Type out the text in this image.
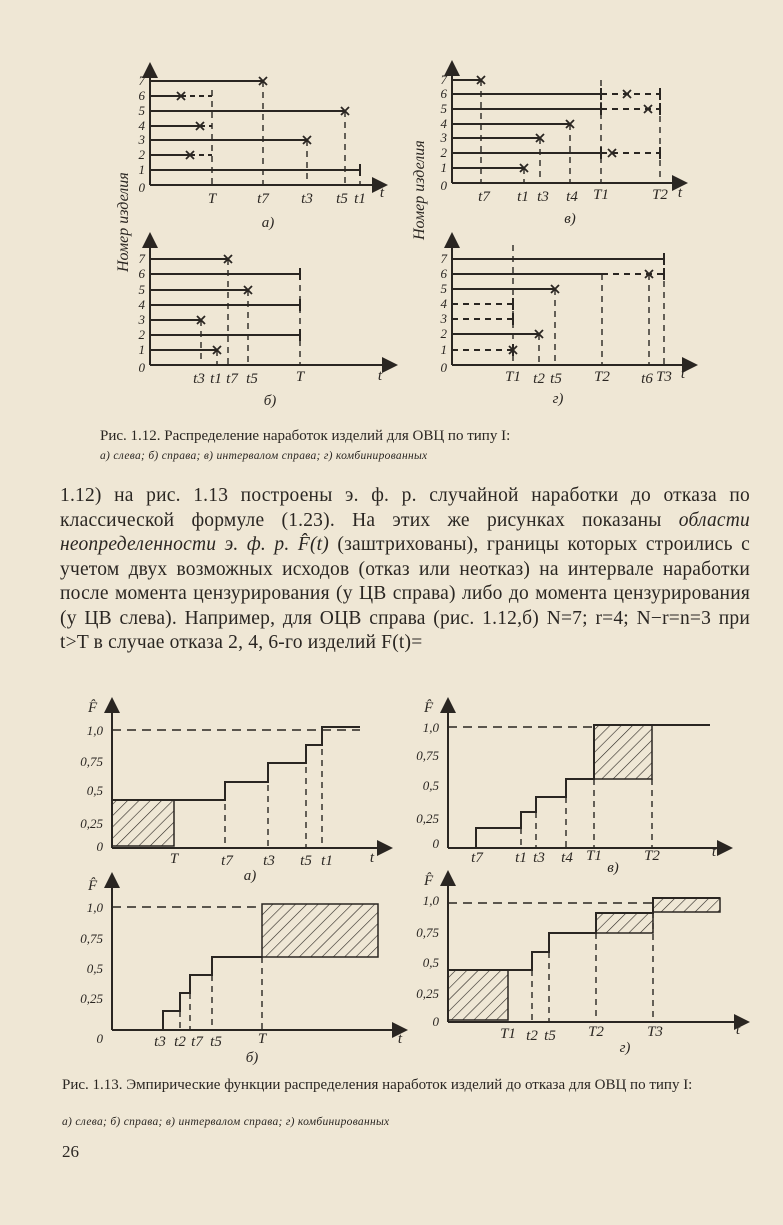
Номер изделия	Номер изделия
1
2
3
4
5
6
7
0
1
2
3
4
5
6
7
0
1
2
3
4
5
6
7
0
1
2
3
4
5
6
7
0
T	t7 t3 t5 t1 t
а)
t3 t1 t7 t5	T	t
б)
t7 t1 t3 t4 T1	T2 t
в)
T1 t2 t5 T2 t6 T3 t
г)
Рис. 1.12. Распределение наработок изделий для ОВЦ по типу I:
а) слева; б) справа; в) интервалом справа; г) комбинированных

1.12) на рис. 1.13 построены э. ф. р. случайной наработки до отказа по классической формуле (1.23). На этих же рисунках показаны области неопределенности э. ф. р. F̂(t) (заштрихованы), границы которых строились с учетом двух возможных исходов (отказ или неотказ) на интервале наработки после момента цензурирования (у ЦВ справа) либо до момента цензурирования (у ЦВ слева). Например, для ОЦВ справа (рис. 1.12,б) N=7; r=4; N−r=n=3 при t>T в случае отказа 2, 4, 6-го изделий F(t)=

F̂	F̂
F̂	F̂
1,0
0,75
0,5
0,25
0
1,0
0,75
0,5
0,25
0
1,0
0,75
0,5
0,25
0
1,0
0,75
0,5
0,25
0
T	t7 t3 t5 t1 t
а)
t7 t1 t3 t4 T1	T2	t
в)
t3 t2 t7 t5 T	t
б)
T1 t2 t5 T2	T3	t
г)
Рис. 1.13. Эмпирические функции распределения наработок изделий до отказа для ОВЦ по типу I:
а) слева; б) справа; в) интервалом справа; г) комбинированных
26
